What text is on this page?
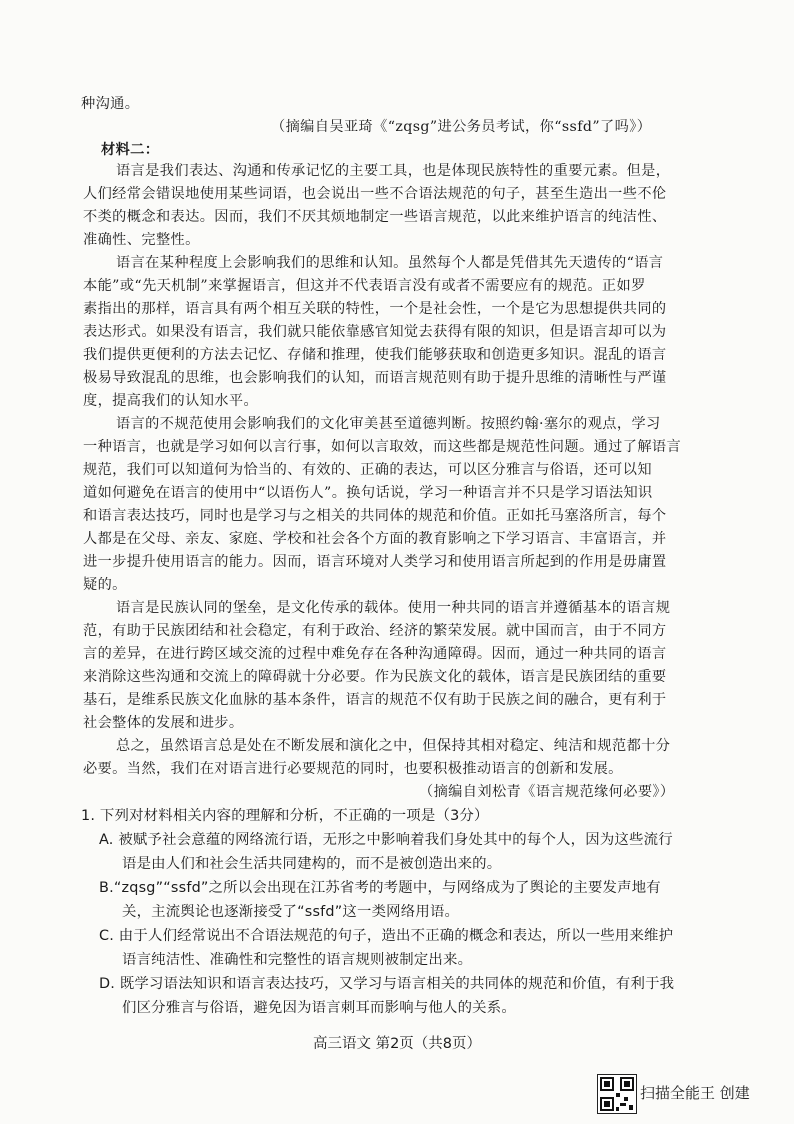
种沟通。
（摘编自吴亚琦《“zqsg”进公务员考试，你“ssfd”了吗》）
材料二：
语言是我们表达、沟通和传承记忆的主要工具，也是体现民族特性的重要元素。但是，
人们经常会错误地使用某些词语，也会说出一些不合语法规范的句子，甚至生造出一些不伦
不类的概念和表达。因而，我们不厌其烦地制定一些语言规范，以此来维护语言的纯洁性、
准确性、完整性。
语言在某种程度上会影响我们的思维和认知。虽然每个人都是凭借其先天遗传的“语言
本能”或“先天机制”来掌握语言，但这并不代表语言没有或者不需要应有的规范。正如罗
素指出的那样，语言具有两个相互关联的特性，一个是社会性，一个是它为思想提供共同的
表达形式。如果没有语言，我们就只能依靠感官知觉去获得有限的知识，但是语言却可以为
我们提供更便利的方法去记忆、存储和推理，使我们能够获取和创造更多知识。混乱的语言
极易导致混乱的思维，也会影响我们的认知，而语言规范则有助于提升思维的清晰性与严谨
度，提高我们的认知水平。
语言的不规范使用会影响我们的文化审美甚至道德判断。按照约翰·塞尔的观点，学习
一种语言，也就是学习如何以言行事，如何以言取效，而这些都是规范性问题。通过了解语言
规范，我们可以知道何为恰当的、有效的、正确的表达，可以区分雅言与俗语，还可以知
道如何避免在语言的使用中“以语伤人”。换句话说，学习一种语言并不只是学习语法知识
和语言表达技巧，同时也是学习与之相关的共同体的规范和价值。正如托马塞洛所言，每个
人都是在父母、亲友、家庭、学校和社会各个方面的教育影响之下学习语言、丰富语言，并
进一步提升使用语言的能力。因而，语言环境对人类学习和使用语言所起到的作用是毋庸置
疑的。
语言是民族认同的堡垒，是文化传承的载体。使用一种共同的语言并遵循基本的语言规
范，有助于民族团结和社会稳定，有利于政治、经济的繁荣发展。就中国而言，由于不同方
言的差异，在进行跨区域交流的过程中难免存在各种沟通障碍。因而，通过一种共同的语言
来消除这些沟通和交流上的障碍就十分必要。作为民族文化的载体，语言是民族团结的重要
基石，是维系民族文化血脉的基本条件，语言的规范不仅有助于民族之间的融合，更有利于
社会整体的发展和进步。
总之，虽然语言总是处在不断发展和演化之中，但保持其相对稳定、纯洁和规范都十分
必要。当然，我们在对语言进行必要规范的同时，也要积极推动语言的创新和发展。
（摘编自刘松青《语言规范缘何必要》）
1. 下列对材料相关内容的理解和分析，不正确的一项是（3分）
A. 被赋予社会意蕴的网络流行语，无形之中影响着我们身处其中的每个人，因为这些流行
语是由人们和社会生活共同建构的，而不是被创造出来的。
B.“zqsg”“ssfd”之所以会出现在江苏省考的考题中，与网络成为了舆论的主要发声地有
关，主流舆论也逐渐接受了“ssfd”这一类网络用语。
C. 由于人们经常说出不合语法规范的句子，造出不正确的概念和表达，所以一些用来维护
语言纯洁性、准确性和完整性的语言规则被制定出来。
D. 既学习语法知识和语言表达技巧，又学习与语言相关的共同体的规范和价值，有利于我
们区分雅言与俗语，避免因为语言刺耳而影响与他人的关系。
高三语文 第2页（共8页）
扫描全能王 创建
